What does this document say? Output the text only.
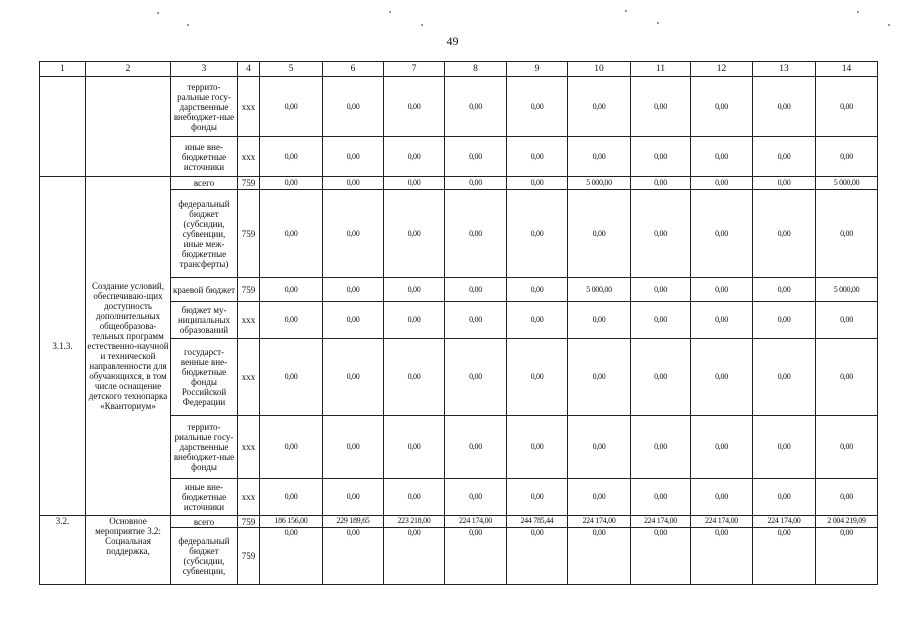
49
1	2	3	4	5	6	7	8	9	10	11	12	13	14
		террито-ральные госу-дарственные внебюджет-ные фонды	xxx	0,00	0,00	0,00	0,00	0,00	0,00	0,00	0,00	0,00	0,00
		иные вне-бюджетные источники	xxx	0,00	0,00	0,00	0,00	0,00	0,00	0,00	0,00	0,00	0,00
3.1.3.	Создание условий, обеспечиваю-щих доступность дополнительных общеобразова-тельных программ естественно-научной и технической направленности для обучающихся, в том числе оснащение детского технопарка «Кванториум»	всего	759	0,00	0,00	0,00	0,00	0,00	5 000,00	0,00	0,00	0,00	5 000,00
		федеральный бюджет (субсидии, субвенции, иные меж-бюджетные трансферты)	759	0,00	0,00	0,00	0,00	0,00	0,00	0,00	0,00	0,00	0,00
		краевой бюджет	759	0,00	0,00	0,00	0,00	0,00	5 000,00	0,00	0,00	0,00	5 000,00
		бюджет му-ниципальных образований	xxx	0,00	0,00	0,00	0,00	0,00	0,00	0,00	0,00	0,00	0,00
		государст-венные вне-бюджетные фонды Российской Федерации	xxx	0,00	0,00	0,00	0,00	0,00	0,00	0,00	0,00	0,00	0,00
		террито-риальные госу-дарственные внебюджет-ные фонды	xxx	0,00	0,00	0,00	0,00	0,00	0,00	0,00	0,00	0,00	0,00
		иные вне-бюджетные источники	xxx	0,00	0,00	0,00	0,00	0,00	0,00	0,00	0,00	0,00	0,00
3.2.	Основное мероприятие 3.2: Социальная поддержка,	всего	759	186 156,00	229 189,65	223 218,00	224 174,00	244 785,44	224 174,00	224 174,00	224 174,00	224 174,00	2 004 219,09
		федеральный бюджет (субсидии, субвенции,	759	0,00	0,00	0,00	0,00	0,00	0,00	0,00	0,00	0,00	0,00
